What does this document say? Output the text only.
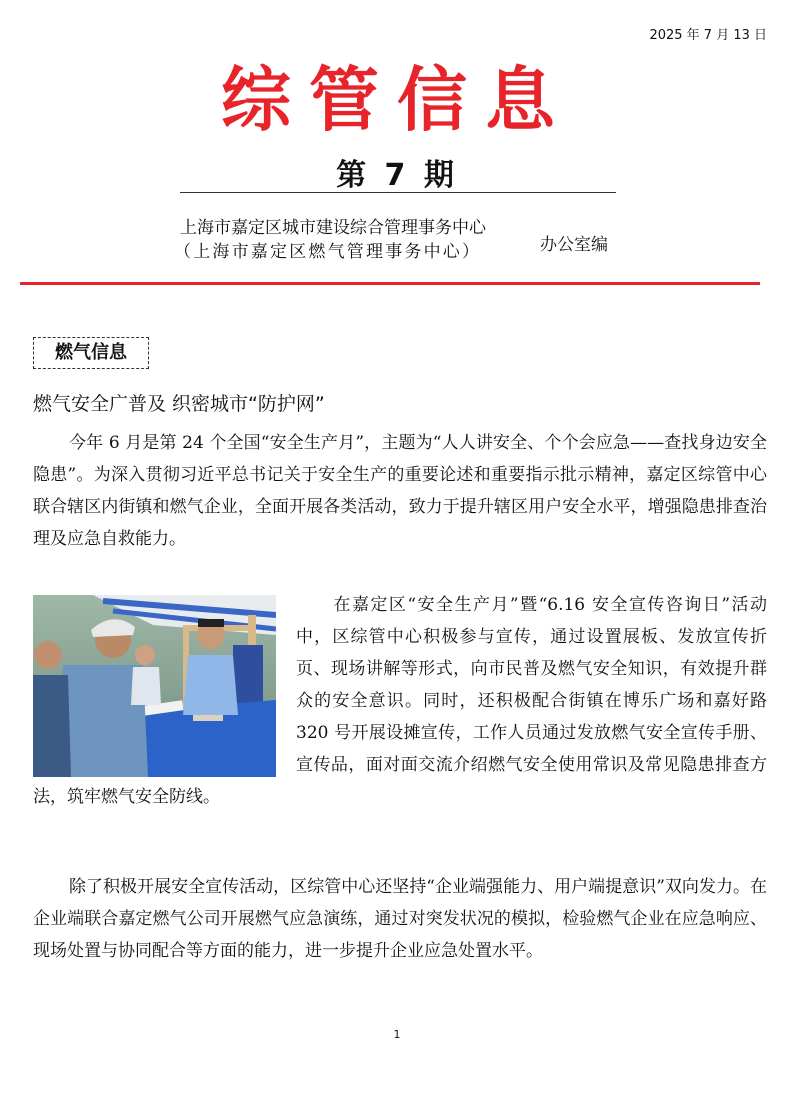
2025 年 7 月 13 日
综管信息
第 7 期
上海市嘉定区城市建设综合管理事务中心
（上海市嘉定区燃气管理事务中心）	办公室编
燃气信息
燃气安全广普及 织密城市“防护网”
今年 6 月是第 24 个全国“安全生产月”，主题为“人人讲安全、个个会应急——查找身边安全隐患”。为深入贯彻习近平总书记关于安全生产的重要论述和重要指示批示精神，嘉定区综管中心联合辖区内街镇和燃气企业，全面开展各类活动，致力于提升辖区用户安全水平，增强隐患排查治理及应急自救能力。
在嘉定区“安全生产月”暨“6.16 安全宣传咨询日”活动中，区综管中心积极参与宣传，通过设置展板、发放宣传折页、现场讲解等形式，向市民普及燃气安全知识，有效提升群众的安全意识。同时，还积极配合街镇在博乐广场和嘉好路 320 号开展设摊宣传，工作人员通过发放燃气安全宣传手册、宣传品，面对面交流介绍燃气安全使用常识及常见隐患排查方法，筑牢燃气安全防线。
除了积极开展安全宣传活动，区综管中心还坚持“企业端强能力、用户端提意识”双向发力。在企业端联合嘉定燃气公司开展燃气应急演练，通过对突发状况的模拟，检验燃气企业在应急响应、现场处置与协同配合等方面的能力，进一步提升企业应急处置水平。
1
